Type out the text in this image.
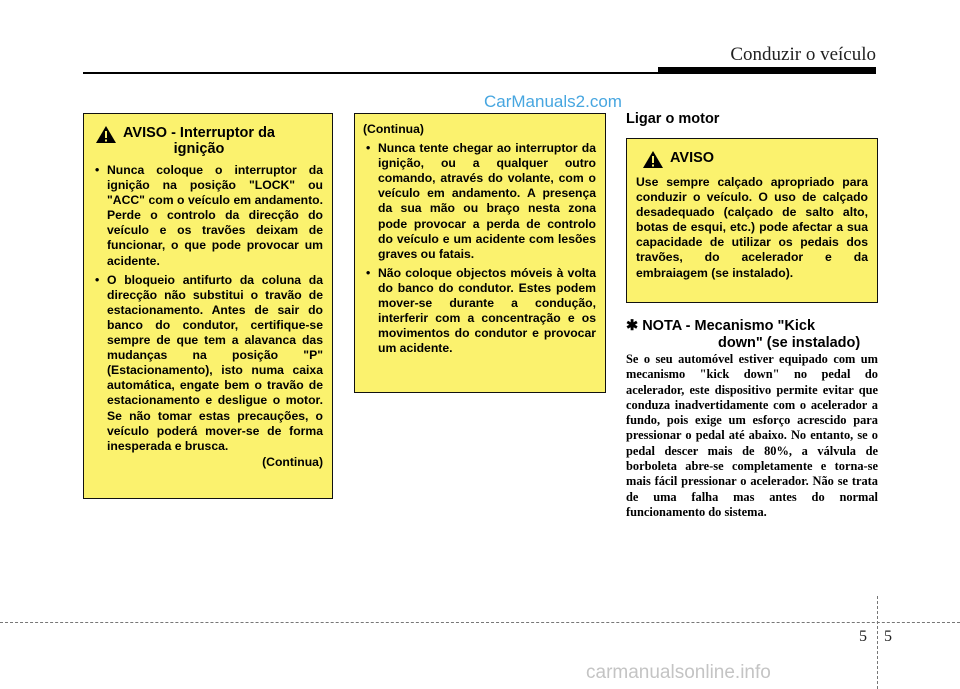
Conduzir o veículo
CarManuals2.com
AVISO - Interruptor da
ignição
• Nunca coloque o interruptor da ignição na posição "LOCK" ou "ACC" com o veículo em andamento. Perde o controlo da direcção do veículo e os travões deixam de funcionar, o que pode provocar um acidente.
• O bloqueio antifurto da coluna da direcção não substitui o travão de estacionamento. Antes de sair do banco do condutor, certifique-se sempre de que tem a alavanca das mudanças na posição "P" (Estacionamento), isto numa caixa automática, engate bem o travão de estacionamento e desligue o motor. Se não tomar estas precauções, o veículo poderá mover-se de forma inesperada e brusca.
(Continua)
(Continua)
• Nunca tente chegar ao interruptor da ignição, ou a qualquer outro comando, através do volante, com o veículo em andamento. A presença da sua mão ou braço nesta zona pode provocar a perda de controlo do veículo e um acidente com lesões graves ou fatais.
• Não coloque objectos móveis à volta do banco do condutor. Estes podem mover-se durante a condução, interferir com a concentração e os movimentos do condutor e provocar um acidente.
Ligar o motor
AVISO
Use sempre calçado apropriado para conduzir o veículo. O uso de calçado desadequado (calçado de salto alto, botas de esqui, etc.) pode afectar a sua capacidade de utilizar os pedais dos travões, do acelerador e da embraiagem (se instalado).
✱ NOTA - Mecanismo "Kick
down" (se instalado)
Se o seu automóvel estiver equipado com um mecanismo "kick down" no pedal do acelerador, este dispositivo permite evitar que conduza inadvertidamente com o acelerador a fundo, pois exige um esforço acrescido para pressionar o pedal até abaixo. No entanto, se o pedal descer mais de 80%, a válvula de borboleta abre-se completamente e torna-se mais fácil pressionar o acelerador. Não se trata de uma falha mas antes do normal funcionamento do sistema.
5 5
carmanualsonline.info
